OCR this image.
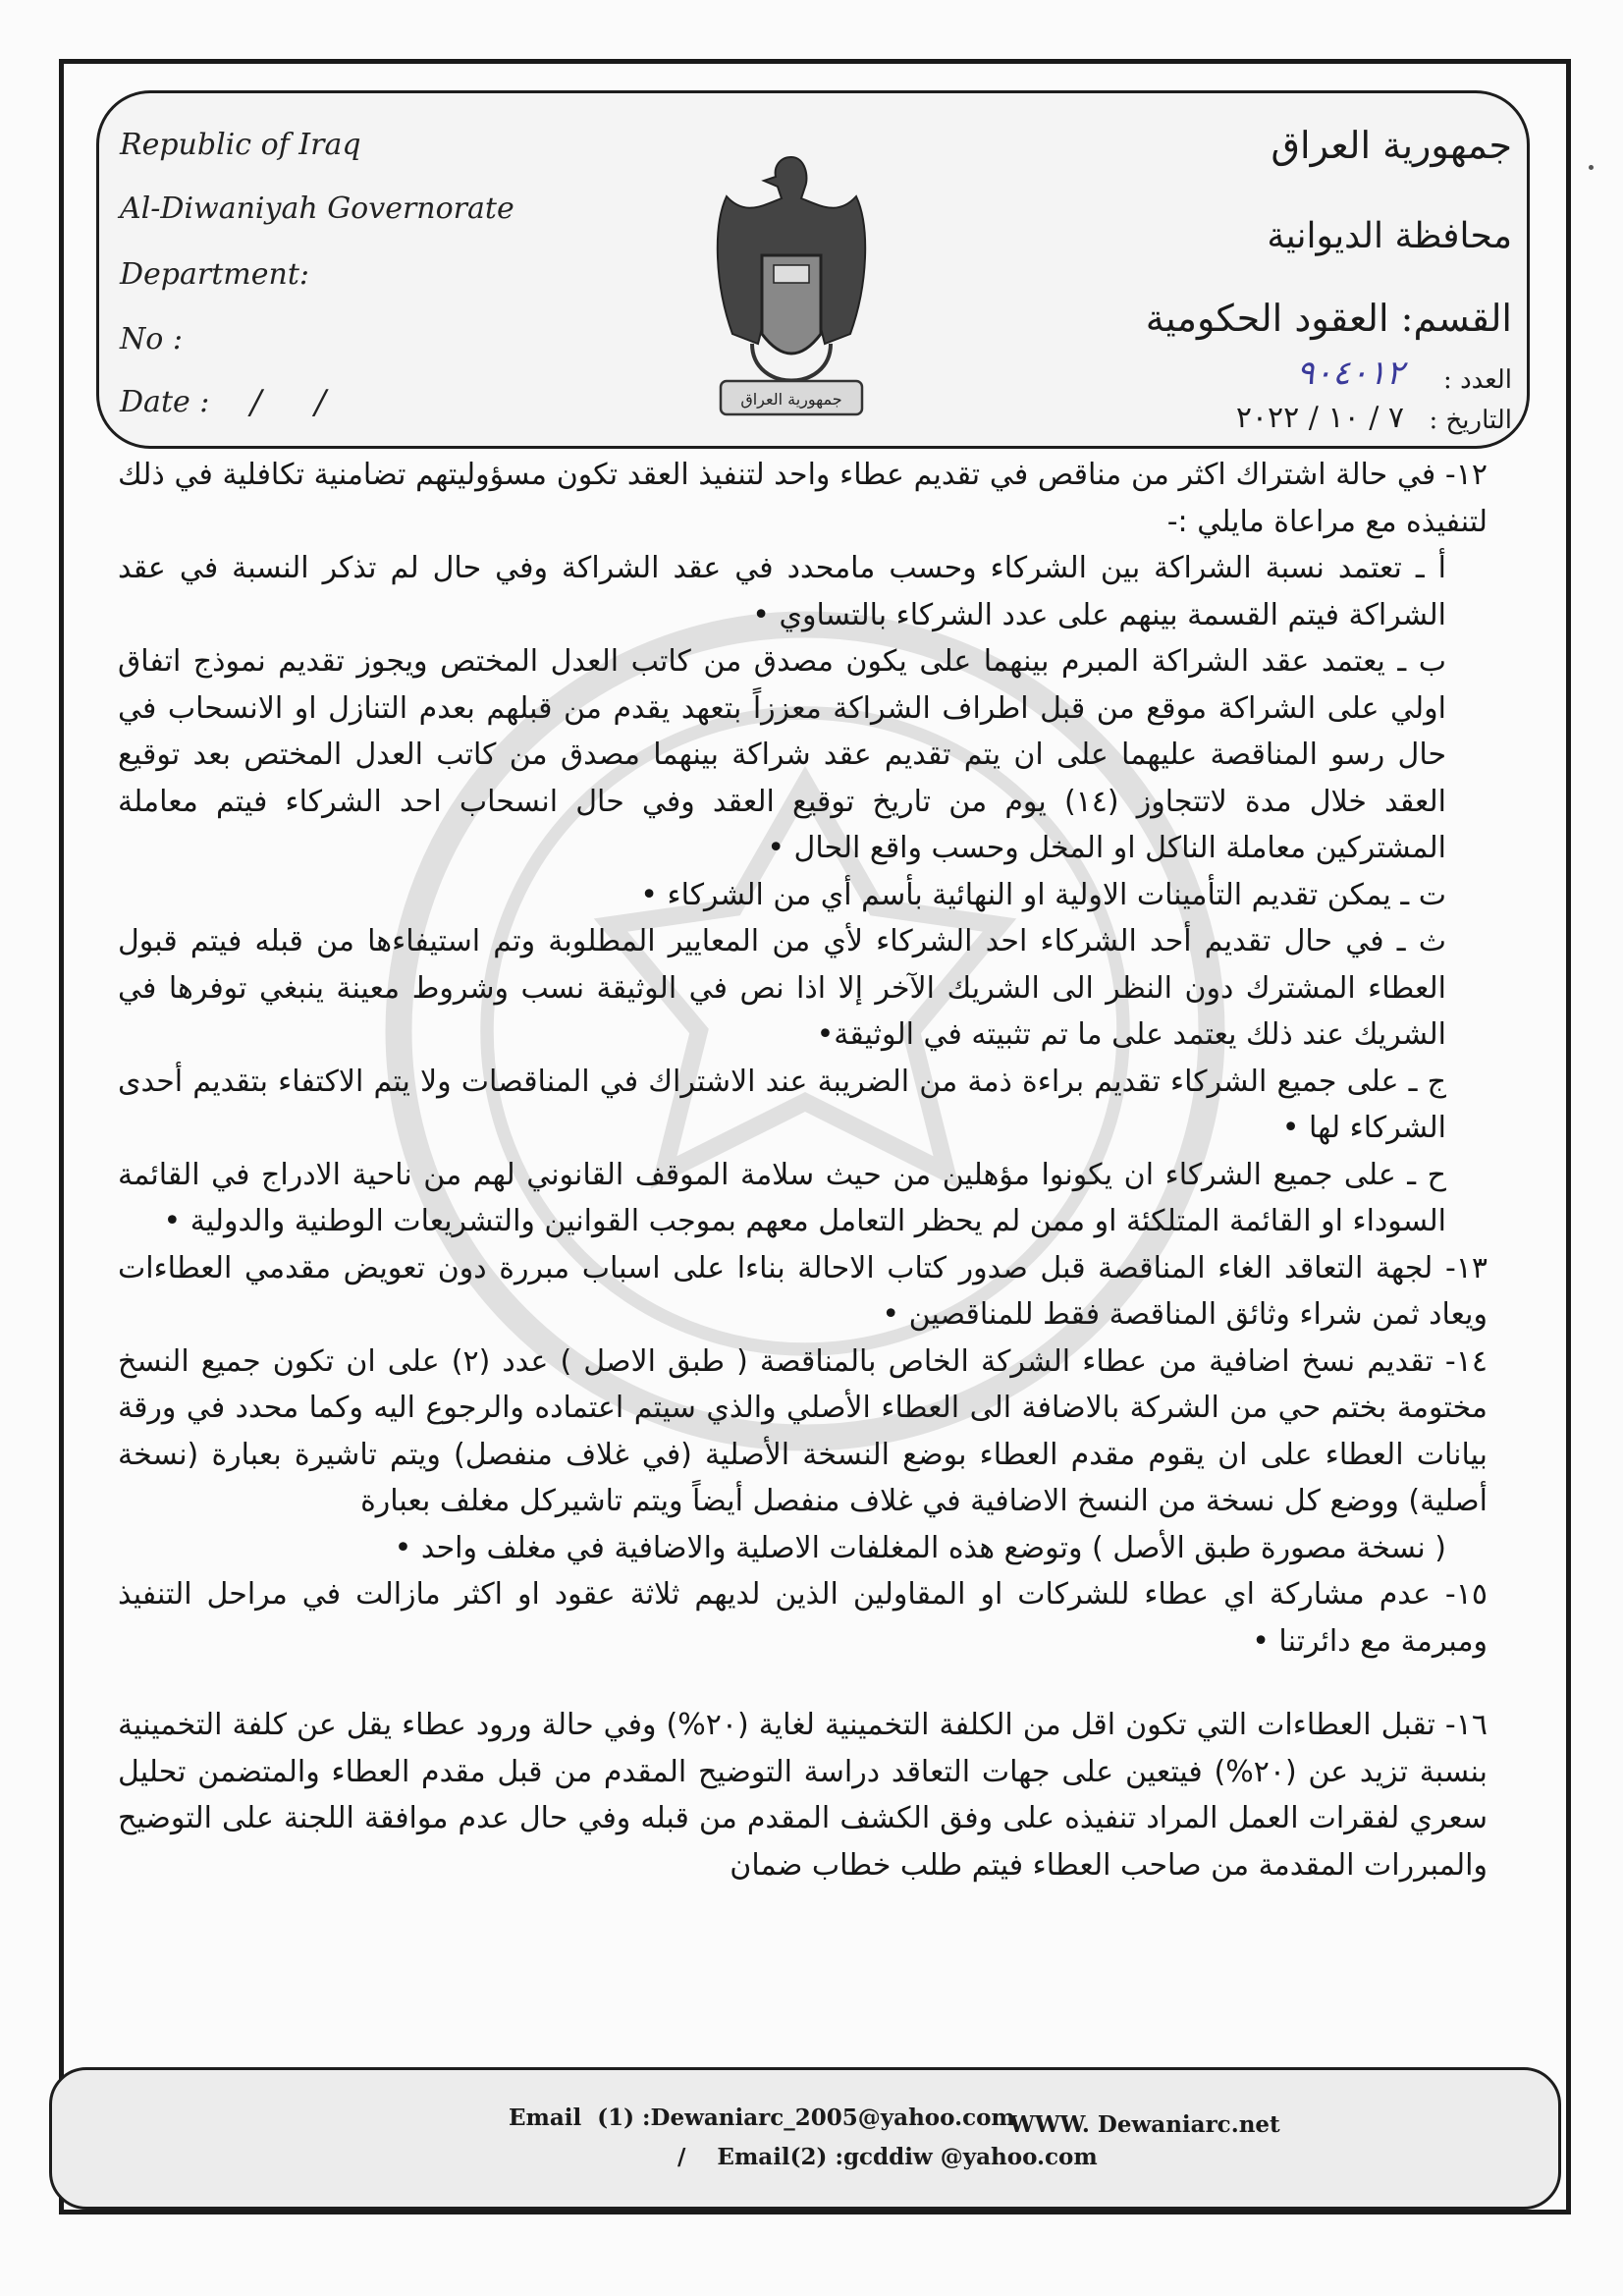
Republic of Iraq
Al-Diwaniyah Governorate
Department:
No :
Date : /     /	جمهورية العراق
جمهورية العراق
محافظة الديوانية
القسم: العقود الحكومية
العدد :
٩٠٤٠١٢
التاريخ :
٧ / ١٠ / ٢٠٢٢

١٢- في حالة اشتراك اكثر من مناقص في تقديم عطاء واحد لتنفيذ العقد تكون مسؤوليتهم تضامنية تكافلية في ذلك لتنفيذه مع مراعاة مايلي :-

أ ـ تعتمد نسبة الشراكة بين الشركاء وحسب مامحدد في عقد الشراكة وفي حال لم تذكر النسبة في عقد الشراكة فيتم القسمة بينهم على عدد الشركاء بالتساوي •

ب ـ يعتمد عقد الشراكة المبرم بينهما على يكون مصدق من كاتب العدل المختص ويجوز تقديم نموذج اتفاق اولي على الشراكة موقع من قبل اطراف الشراكة معززاً بتعهد يقدم من قبلهم بعدم التنازل او الانسحاب في حال رسو المناقصة عليهما على ان يتم تقديم عقد شراكة بينهما مصدق من كاتب العدل المختص بعد توقيع العقد خلال مدة لاتتجاوز (١٤) يوم من تاريخ توقيع العقد وفي حال انسحاب احد الشركاء فيتم معاملة المشتركين معاملة الناكل او المخل وحسب واقع الحال •

ت ـ يمكن تقديم التأمينات الاولية او النهائية بأسم أي من الشركاء •

ث ـ في حال تقديم أحد الشركاء احد الشركاء لأي من المعايير المطلوبة وتم استيفاءها من قبله فيتم قبول العطاء المشترك دون النظر الى الشريك الآخر إلا اذا نص في الوثيقة نسب وشروط معينة ينبغي توفرها في الشريك عند ذلك يعتمد على ما تم تثبيته في الوثيقة•

ج ـ على جميع الشركاء تقديم براءة ذمة من الضريبة عند الاشتراك في المناقصات ولا يتم الاكتفاء بتقديم أحدى الشركاء لها •

ح ـ على جميع الشركاء ان يكونوا مؤهلين من حيث سلامة الموقف القانوني لهم من ناحية الادراج في القائمة السوداء او القائمة المتلكئة او ممن لم يحظر التعامل معهم بموجب القوانين والتشريعات الوطنية والدولية •

١٣- لجهة التعاقد الغاء المناقصة قبل صدور كتاب الاحالة بناءا على اسباب مبررة دون تعويض مقدمي العطاءات ويعاد ثمن شراء وثائق المناقصة فقط للمناقصين •

١٤- تقديم نسخ اضافية من عطاء الشركة الخاص بالمناقصة ( طبق الاصل ) عدد (٢) على ان تكون جميع النسخ مختومة بختم حي من الشركة بالاضافة الى العطاء الأصلي والذي سيتم اعتماده والرجوع اليه وكما محدد في ورقة بيانات العطاء على ان يقوم مقدم العطاء بوضع النسخة الأصلية (في غلاف منفصل) ويتم تاشيرة بعبارة (نسخة أصلية) ووضع كل نسخة من النسخ الاضافية في غلاف منفصل أيضاً ويتم تاشيركل مغلف بعبارة

( نسخة مصورة طبق الأصل ) وتوضع هذه المغلفات الاصلية والاضافية في مغلف واحد •

١٥- عدم مشاركة اي عطاء للشركات او المقاولين الذين لديهم ثلاثة عقود او اكثر مازالت في مراحل التنفيذ ومبرمة مع دائرتنا •

١٦- تقبل العطاءات التي تكون اقل من الكلفة التخمينية لغاية (٢٠%) وفي حالة ورود عطاء يقل عن كلفة التخمينية بنسبة تزيد عن (٢٠%) فيتعين على جهات التعاقد دراسة التوضيح المقدم من قبل مقدم العطاء والمتضمن تحليل سعري لفقرات العمل المراد تنفيذه على وفق الكشف المقدم من قبله وفي حال عدم موافقة اللجنة على التوضيح والمبررات المقدمة من صاحب العطاء فيتم طلب خطاب ضمان

Email  (1) :Dewaniarc_2005@yahoo.com
WWW. Dewaniarc.net
/    Email(2) :gcddiw @yahoo.com
